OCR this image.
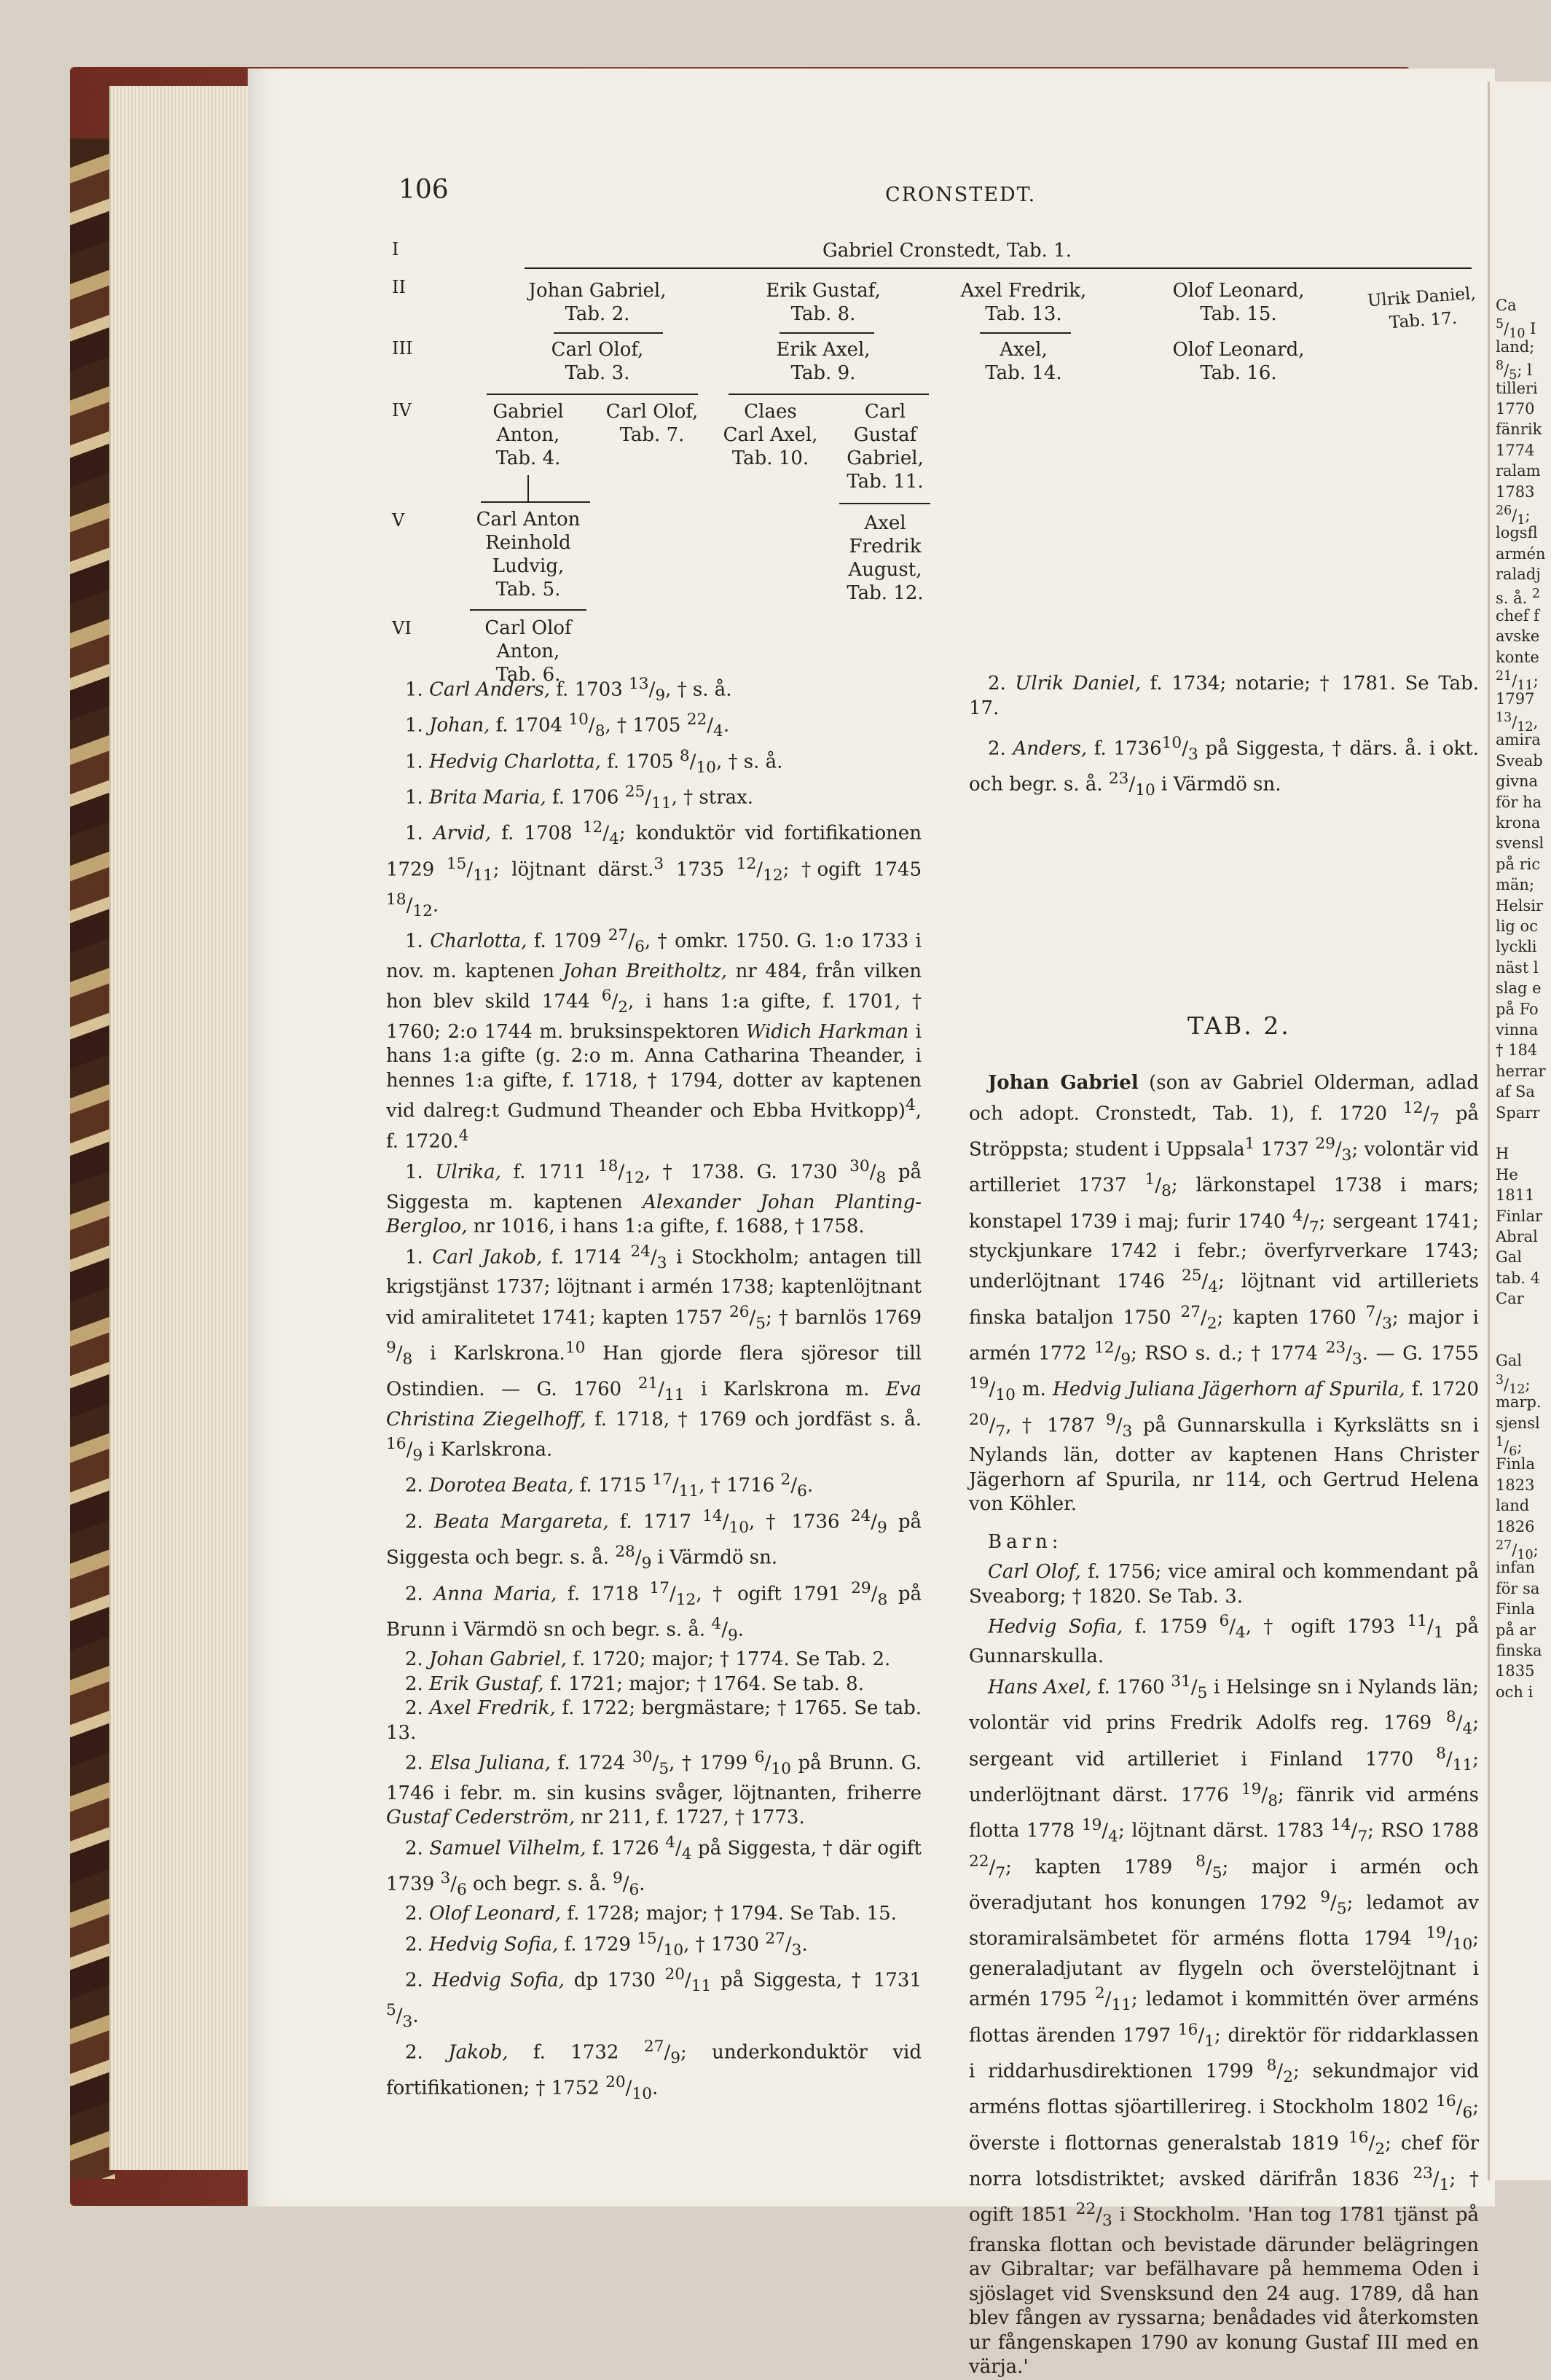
Ca
$^5/_{10}$ I
land;
$^8/_5$; l
tilleri
1770
fänrik
1774
ralam
1783
$^{26}/_1$;
logsfl
armén
raladj
s. å. $^2$
chef f
avske
konte
$^{21}/_{11}$;
1797
$^{13}/_{12}$,
amira
Sveab
givna
för ha
krona
svensl
på ric
män;
Helsir
lig oc
lyckli
näst l
slag e
på Fo
vinna
† 184
herrar
af Sa
Sparr
H
He
1811
Finlar
Abral
Gal
tab. 4
Car
Gal
$^3/_{12}$;
marp.
sjensl
$^1/_6$;
Finla
1823
land
1826
$^{27}/_{10}$;
infan
för sa
Finla
på ar
finska
1835
och i
106	CRONSTEDT.
I
II
III
IV
V
VI
Gabriel Cronstedt, Tab. 1.
Johan Gabriel,
Tab. 2.
Erik Gustaf,
Tab. 8.
Axel Fredrik,
Tab. 13.
Olof Leonard,
Tab. 15.
Ulrik Daniel,
Tab. 17.
Carl Olof,
Tab. 3.
Erik Axel,
Tab. 9.
Axel,
Tab. 14.
Olof Leonard,
Tab. 16.
Gabriel
Anton,
Tab. 4.
Carl Olof,
Tab. 7.
Claes
Carl Axel,
Tab. 10.
Carl
Gustaf
Gabriel,
Tab. 11.
Carl Anton
Reinhold
Ludvig,
Tab. 5.
Axel
Fredrik
August,
Tab. 12.
Carl Olof
Anton,
Tab. 6.

1. Carl Anders, f. 1703 $^{13}/_9$, † s. å.

1. Johan, f. 1704 $^{10}/_8$, † 1705 $^{22}/_4$.

1. Hedvig Charlotta, f. 1705 $^8/_{10}$, † s. å.

1. Brita Maria, f. 1706 $^{25}/_{11}$, † strax.

1. Arvid, f. 1708 $^{12}/_4$; konduktör vid fortifikationen 1729 $^{15}/_{11}$; löjtnant därst.$^3$ 1735 $^{12}/_{12}$; †ogift 1745 $^{18}/_{12}$.

1. Charlotta, f. 1709 $^{27}/_6$, † omkr. 1750. G. 1:o 1733 i nov. m. kaptenen Johan Breitholtz, nr 484, från vilken hon blev skild 1744 $^6/_2$, i hans 1:a gifte, f. 1701, † 1760; 2:o 1744 m. bruksinspektoren Widich Harkman i hans 1:a gifte (g. 2:o m. Anna Catharina Theander, i hennes 1:a gifte, f. 1718, † 1794, dotter av kaptenen vid dalreg:t Gudmund Theander och Ebba Hvitkopp)$^4$, f. 1720.$^4$

1. Ulrika, f. 1711 $^{18}/_{12}$, † 1738. G. 1730 $^{30}/_8$ på Siggesta m. kaptenen Alexander Johan Planting-Bergloo, nr 1016, i hans 1:a gifte, f. 1688, † 1758.

1. Carl Jakob, f. 1714 $^{24}/_3$ i Stockholm; antagen till krigstjänst 1737; löjtnant i armén 1738; kaptenlöjtnant vid amiralitetet 1741; kapten 1757 $^{26}/_5$; † barnlös 1769 $^9/_8$ i Karlskrona.$^{10}$ Han gjorde flera sjöresor till Ostindien. — G. 1760 $^{21}/_{11}$ i Karlskrona m. Eva Christina Ziegelhoff, f. 1718, † 1769 och jordfäst s. å. $^{16}/_9$ i Karlskrona.

2. Dorotea Beata, f. 1715 $^{17}/_{11}$, † 1716 $^2/_6$.

2. Beata Margareta, f. 1717 $^{14}/_{10}$, † 1736 $^{24}/_9$ på Siggesta och begr. s. å. $^{28}/_9$ i Värmdö sn.

2. Anna Maria, f. 1718 $^{17}/_{12}$, † ogift 1791 $^{29}/_8$ på Brunn i Värmdö sn och begr. s. å. $^4/_9$.

2. Johan Gabriel, f. 1720; major; † 1774. Se Tab. 2.

2. Erik Gustaf, f. 1721; major; † 1764. Se tab. 8.

2. Axel Fredrik, f. 1722; bergmästare; † 1765. Se tab. 13.

2. Elsa Juliana, f. 1724 $^{30}/_5$, † 1799 $^6/_{10}$ på Brunn. G. 1746 i febr. m. sin kusins svåger, löjtnanten, friherre Gustaf Cederström, nr 211, f. 1727, † 1773.

2. Samuel Vilhelm, f. 1726 $^4/_4$ på Siggesta, † där ogift 1739 $^3/_6$ och begr. s. å. $^9/_6$.

2. Olof Leonard, f. 1728; major; † 1794. Se Tab. 15.

2. Hedvig Sofia, f. 1729 $^{15}/_{10}$, † 1730 $^{27}/_3$.

2. Hedvig Sofia, dp 1730 $^{20}/_{11}$ på Siggesta, † 1731 $^5/_3$.

2. Jakob, f. 1732 $^{27}/_9$; underkonduktör vid fortifikationen; † 1752 $^{20}/_{10}$.

2. Ulrik Daniel, f. 1734; notarie; † 1781. Se Tab. 17.

2. Anders, f. $1736^{10}/_3$ på Siggesta, † därs. å. i okt. och begr. s. å. $^{23}/_{10}$ i Värmdö sn.

TAB. 2.

Johan Gabriel (son av Gabriel Olderman, adlad och adopt. Cronstedt, Tab. 1), f. 1720 $^{12}/_7$ på Ströppsta; student i Uppsala$^1$ 1737 $^{29}/_3$; volontär vid artilleriet 1737 $^1/_8$; lärkonstapel 1738 i mars; konstapel 1739 i maj; furir 1740 $^4/_7$; sergeant 1741; styckjunkare 1742 i febr.; överfyrverkare 1743; underlöjtnant 1746 $^{25}/_4$; löjtnant vid artilleriets finska bataljon 1750 $^{27}/_2$; kapten 1760 $^7/_3$; major i armén 1772 $^{12}/_9$; RSO s. d.; † 1774 $^{23}/_3$. — G. 1755 $^{19}/_{10}$ m. Hedvig Juliana Jägerhorn af Spurila, f. 1720 $^{20}/_7$, † 1787 $^9/_3$ på Gunnarskulla i Kyrkslätts sn i Nylands län, dotter av kaptenen Hans Christer Jägerhorn af Spurila, nr 114, och Gertrud Helena von Köhler.

Barn:

Carl Olof, f. 1756; vice amiral och kommendant på Sveaborg; † 1820. Se Tab. 3.

Hedvig Sofia, f. 1759 $^6/_4$, † ogift 1793 $^{11}/_1$ på Gunnarskulla.

Hans Axel, f. 1760 $^{31}/_5$ i Helsinge sn i Nylands län; volontär vid prins Fredrik Adolfs reg. 1769 $^8/_4$; sergeant vid artilleriet i Finland 1770 $^8/_{11}$; underlöjtnant därst. 1776 $^{19}/_8$; fänrik vid arméns flotta 1778 $^{19}/_4$; löjtnant därst. 1783 $^{14}/_7$; RSO 1788 $^{22}/_7$; kapten 1789 $^8/_5$; major i armén och överadjutant hos konungen 1792 $^9/_5$; ledamot av storamiralsämbetet för arméns flotta 1794 $^{19}/_{10}$; generaladjutant av flygeln och överstelöjtnant i armén 1795 $^2/_{11}$; ledamot i kommittén över arméns flottas ärenden 1797 $^{16}/_1$; direktör för riddarklassen i riddarhusdirektionen 1799 $^8/_2$; sekundmajor vid arméns flottas sjöartillerireg. i Stockholm 1802 $^{16}/_6$; överste i flottornas generalstab 1819 $^{16}/_2$; chef för norra lotsdistriktet; avsked därifrån 1836 $^{23}/_1$; † ogift 1851 $^{22}/_3$ i Stockholm. 'Han tog 1781 tjänst på franska flottan och bevistade därunder belägringen av Gibraltar; var befälhavare på hemmema Oden i sjöslaget vid Svensksund den 24 aug. 1789, då han blev fången av ryssarna; benådades vid återkomsten ur fångenskapen 1790 av konung Gustaf III med en värja.'
